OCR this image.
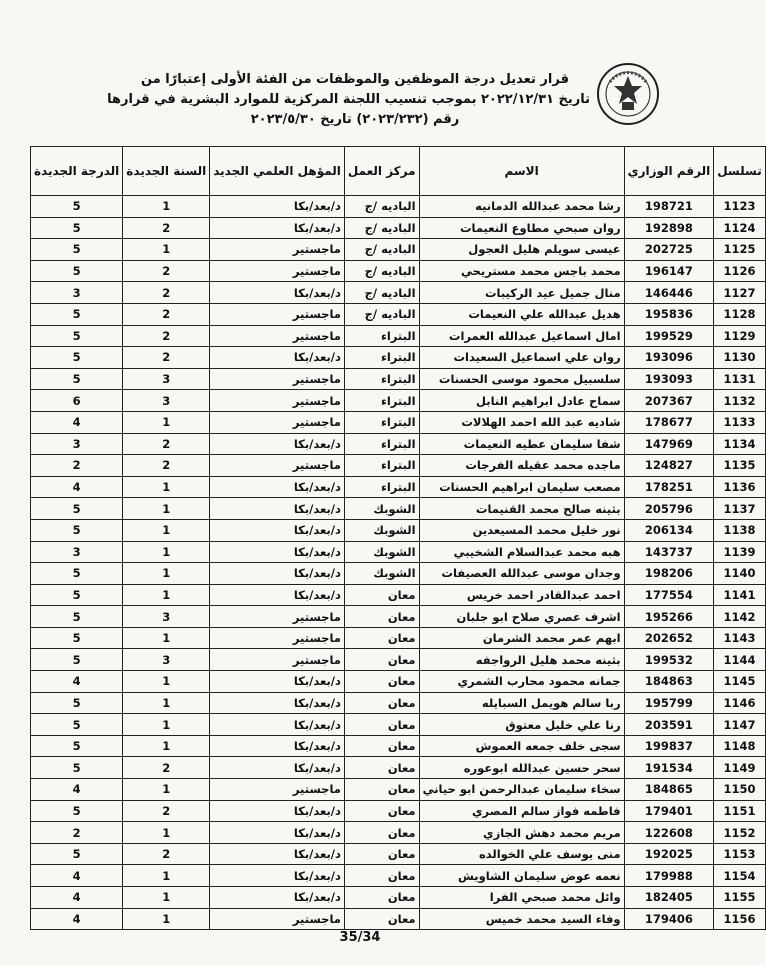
قرار تعديل درجة الموظفين والموظفات من الفئة الأولى إعتبارًا من
تاريخ ٢٠٢٢/١٢/٣١ بموجب تنسيب اللجنة المركزية للموارد البشرية في قرارها
رقم (٢٠٢٣/٢٣٢) تاريخ ٢٠٢٣/٥/٣٠
تسلسل	الرقم الوزاري	الاسم	مركز العمل	المؤهل العلمي الجديد	السنة الجديدة	الدرجة الجديدة
1123	198721	رشا محمد عبدالله الدمانيه	الباديه /ج	د/بعد/بكا	1	5
1124	192898	روان صبحي مطاوع النعيمات	الباديه /ج	د/بعد/بكا	2	5
1125	202725	عيسى سويلم هليل العجول	الباديه /ج	ماجستير	1	5
1126	196147	محمد باجس محمد مستريحي	الباديه /ج	ماجستير	2	5
1127	146446	منال جميل عيد الركيبات	الباديه /ج	د/بعد/بكا	2	3
1128	195836	هديل عبدالله علي النعيمات	الباديه /ج	ماجستير	2	5
1129	199529	امال اسماعيل عبدالله العمرات	البتراء	ماجستير	2	5
1130	193096	روان علي اسماعيل السعيدات	البتراء	د/بعد/بكا	2	5
1131	193093	سلسبيل محمود موسى الحسنات	البتراء	ماجستير	3	5
1132	207367	سماح عادل ابراهيم النابل	البتراء	ماجستير	3	6
1133	178677	شاديه عبد الله احمد الهلالات	البتراء	ماجستير	1	4
1134	147969	شفا سليمان عطيه النعيمات	البتراء	د/بعد/بكا	2	3
1135	124827	ماجده محمد عقيله الفرجات	البتراء	ماجستير	2	2
1136	178251	مصعب سليمان ابراهيم الحسنات	البتراء	د/بعد/بكا	1	4
1137	205796	بثينه صالح محمد القنيمات	الشوبك	د/بعد/بكا	1	5
1138	206134	نور خليل محمد المسيعدين	الشوبك	د/بعد/بكا	1	5
1139	143737	هبه محمد عبدالسلام الشخيبي	الشوبك	د/بعد/بكا	1	3
1140	198206	وجدان موسى عبدالله العصيفات	الشوبك	د/بعد/بكا	1	5
1141	177554	احمد عبدالقادر احمد خريس	معان	د/بعد/بكا	1	5
1142	195266	اشرف عصري صلاح ابو جلبان	معان	ماجستير	3	5
1143	202652	ابهم عمر محمد الشرمان	معان	ماجستير	1	5
1144	199532	بثينه محمد هليل الرواجفه	معان	ماجستير	3	5
1145	184863	جمانه محمود محارب الشمري	معان	د/بعد/بكا	1	4
1146	195799	ربا سالم هويمل السبايله	معان	د/بعد/بكا	1	5
1147	203591	رنا علي خليل معتوق	معان	د/بعد/بكا	1	5
1148	199837	سجى خلف جمعه العموش	معان	د/بعد/بكا	1	5
1149	191534	سحر حسين عبدالله ابوعوره	معان	د/بعد/بكا	2	5
1150	184865	سخاء سليمان عبدالرحمن ابو حياني	معان	ماجستير	1	4
1151	179401	فاطمه فواز سالم المصري	معان	د/بعد/بكا	2	5
1152	122608	مريم محمد دهش الجازي	معان	د/بعد/بكا	1	2
1153	192025	منى يوسف علي الخوالده	معان	د/بعد/بكا	2	5
1154	179988	نعمه عوض سليمان الشاويش	معان	د/بعد/بكا	1	4
1155	182405	وائل محمد صبحي الفرا	معان	د/بعد/بكا	1	4
1156	179406	وفاء السيد محمد خميس	معان	ماجستير	1	4
35/34
